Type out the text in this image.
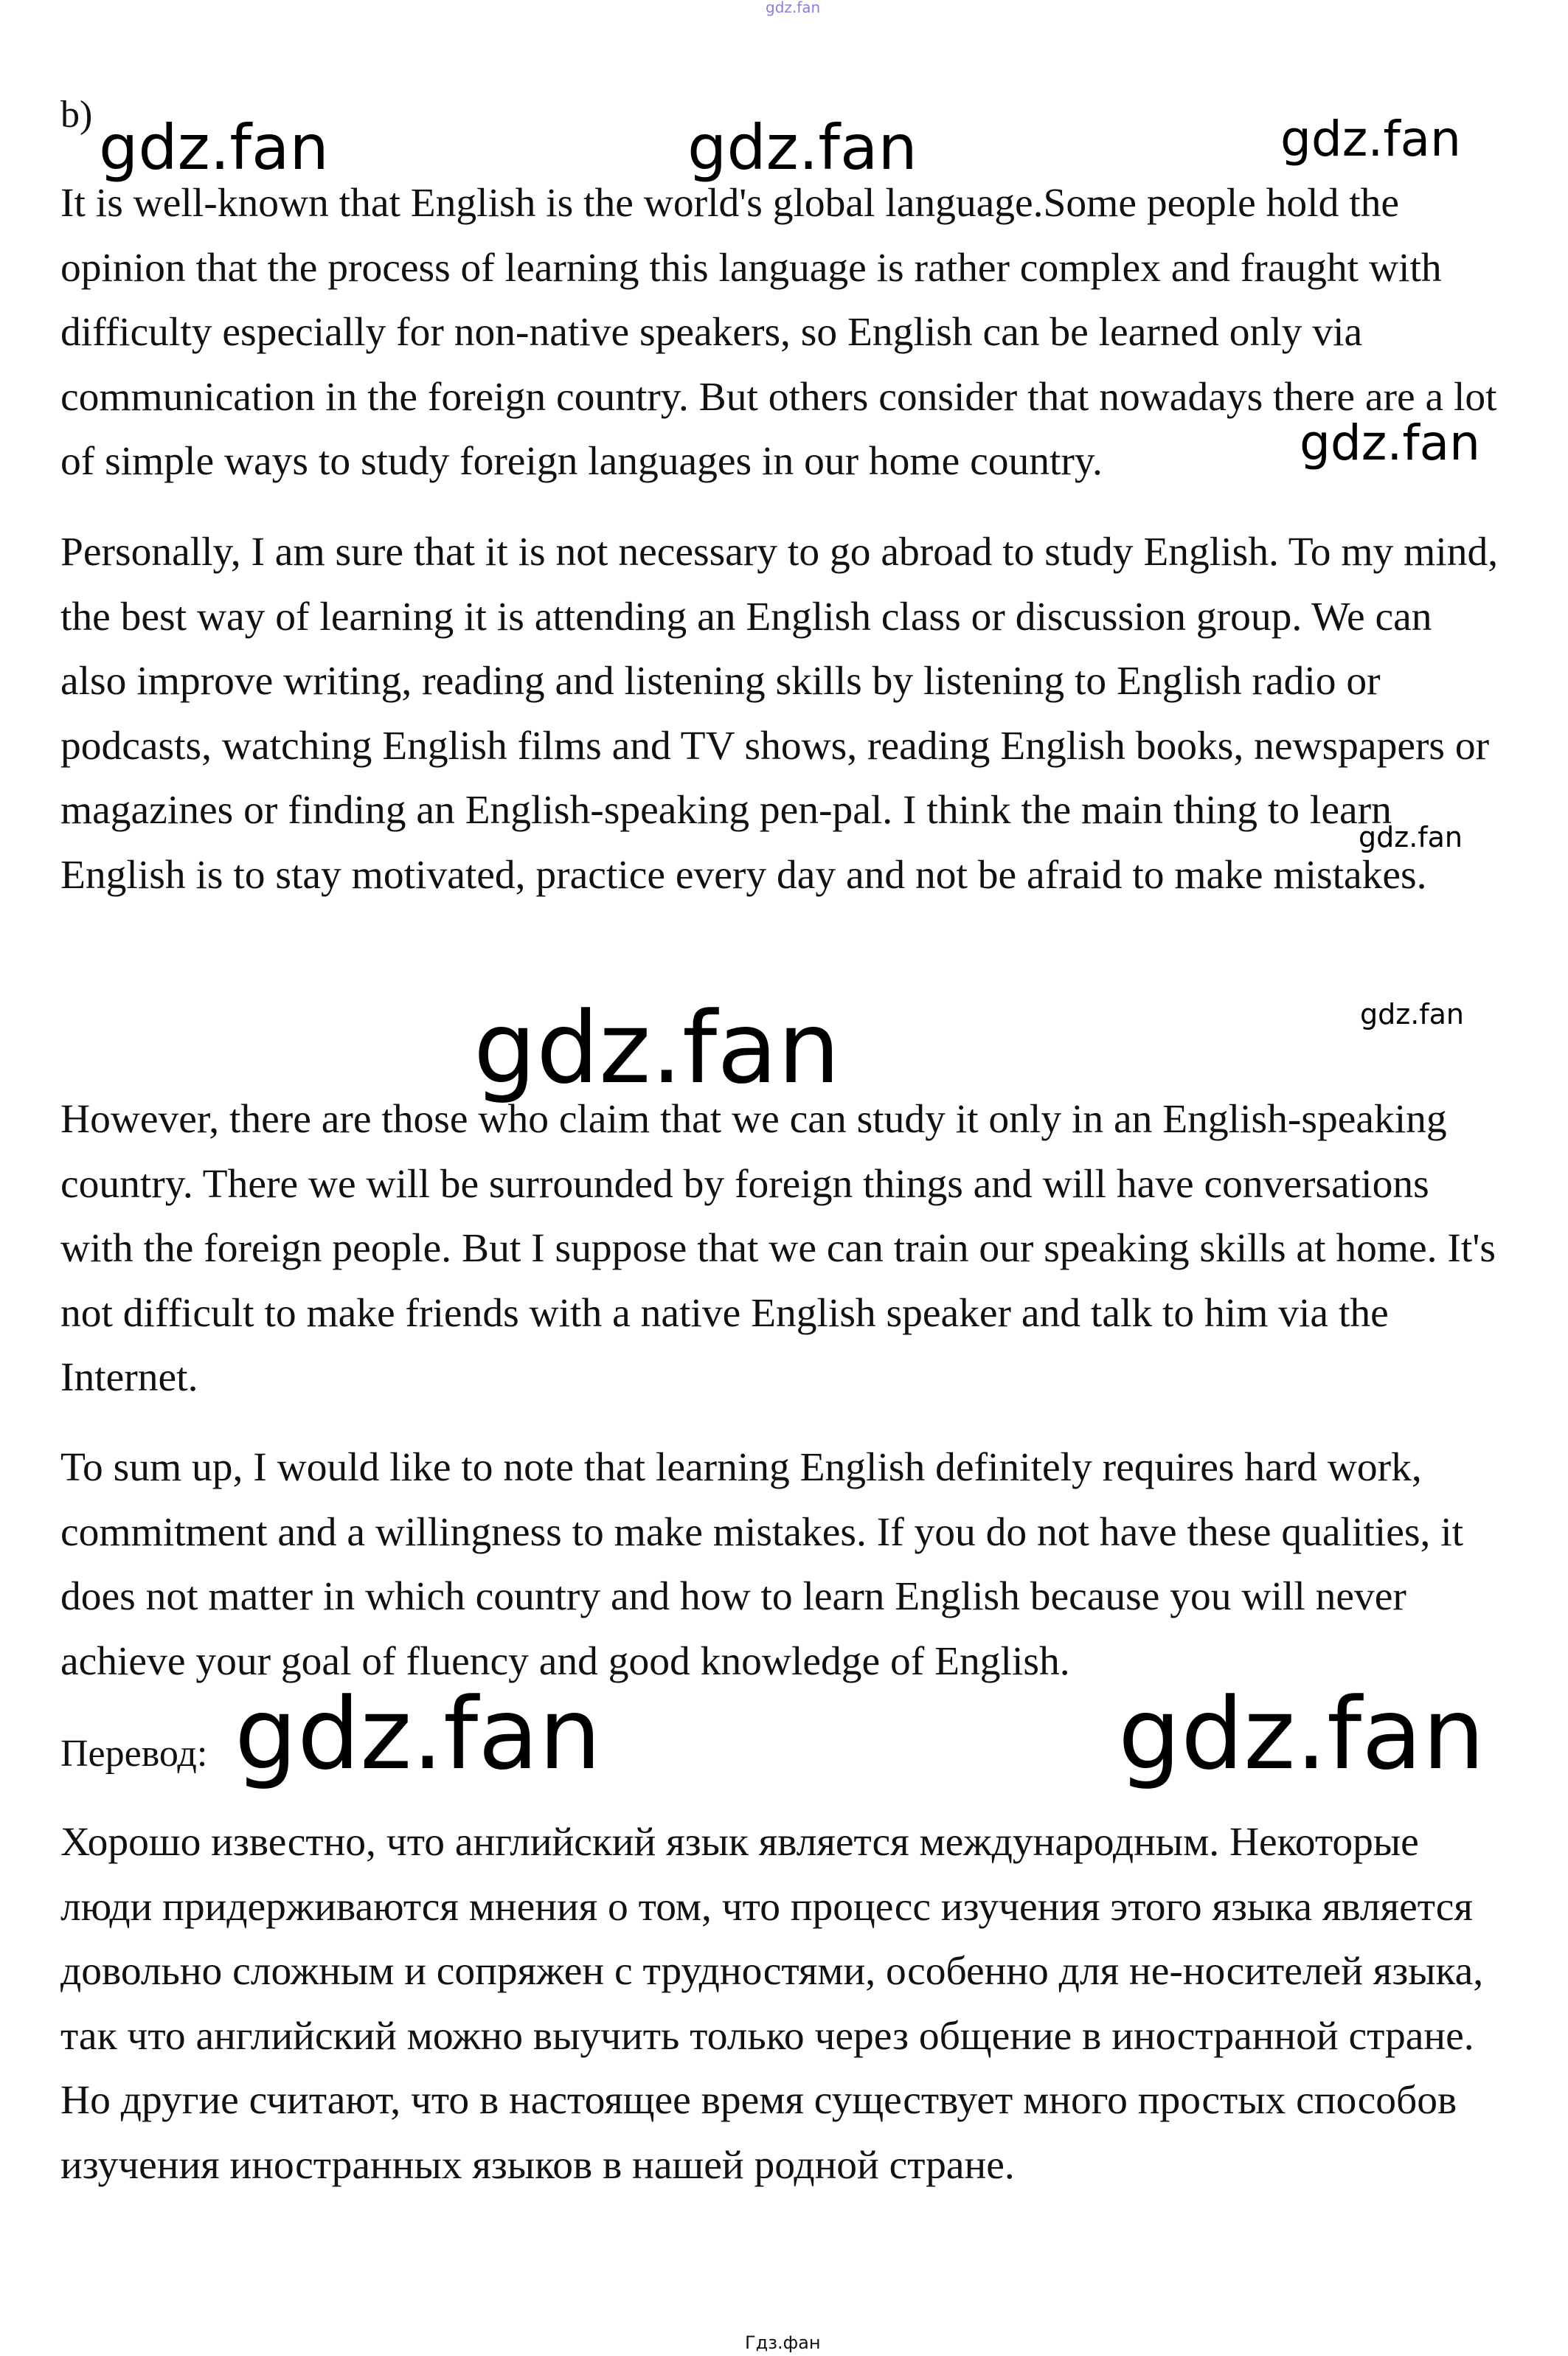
gdz.fan
b) gdz.fan	gdz.fan	gdz.fan
gdz.fan
gdz.fan
gdz.fan
gdz.fan
gdz.fan	gdz.fan

It is well-known that English is the world's global language.Some people hold the opinion that the process of learning this language is rather complex and fraught with difficulty especially for non-native speakers, so English can be learned only via communication in the foreign country. But others consider that nowadays there are a lot of simple ways to study foreign languages in our home country.

Personally, I am sure that it is not necessary to go abroad to study English. To my mind, the best way of learning it is attending an English class or discussion group. We can also improve writing, reading and listening skills by listening to English radio or podcasts, watching English films and TV shows, reading English books, newspapers or magazines or finding an English-speaking pen-pal. I think the main thing to learn English is to stay motivated, practice every day and not be afraid to make mistakes.

However, there are those who claim that we can study it only in an English-speaking country. There we will be surrounded by foreign things and will have conversations with the foreign people. But I suppose that we can train our speaking skills at home. It's not difficult to make friends with a native English speaker and talk to him via the Internet.

To sum up, I would like to note that learning English definitely requires hard work, commitment and a willingness to make mistakes. If you do not have these qualities, it does not matter in which country and how to learn English because you will never achieve your goal of fluency and good knowledge of English.

Перевод:

Хорошо известно, что английский язык является международным. Некоторые люди придерживаются мнения о том, что процесс изучения этого языка является довольно сложным и сопряжен с трудностями, особенно для не-носителей языка, так что английский можно выучить только через общение в иностранной стране. Но другие считают, что в настоящее время существует много простых способов изучения иностранных языков в нашей родной стране.

Гдз.фан
